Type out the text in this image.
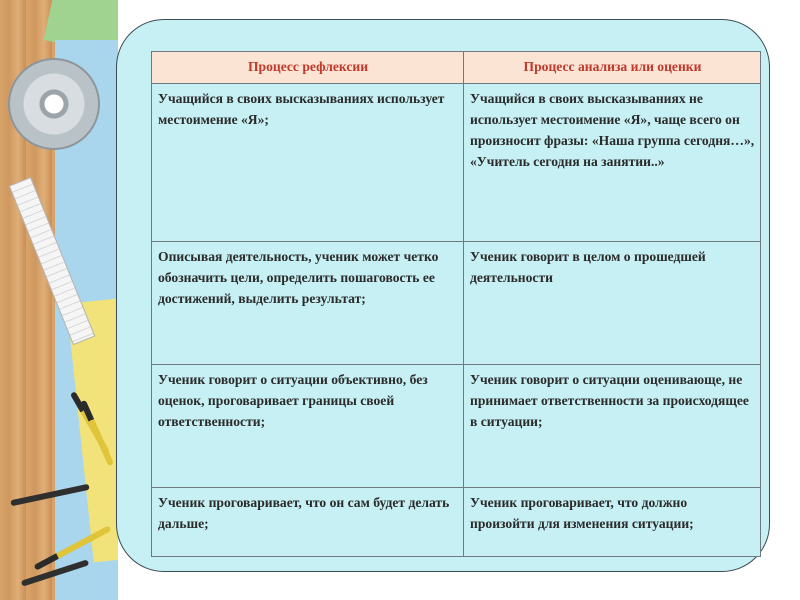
Процесс рефлексии	Процесс анализа или оценки
Учащийся в своих высказываниях использует местоимение «Я»;	Учащийся в своих высказываниях не использует местоимение «Я», чаще всего он произносит фразы: «Наша группа сегодня…», «Учитель сегодня на занятии..»
Описывая деятельность, ученик может четко обозначить цели, определить пошаговость ее достижений, выделить результат;	Ученик говорит в целом о прошедшей деятельности
Ученик говорит о ситуации объективно, без оценок, проговаривает границы своей ответственности;	Ученик говорит о ситуации оценивающе, не принимает ответственности за происходящее в ситуации;
Ученик проговаривает, что он сам будет делать дальше;	Ученик проговаривает, что должно произойти для изменения ситуации;
